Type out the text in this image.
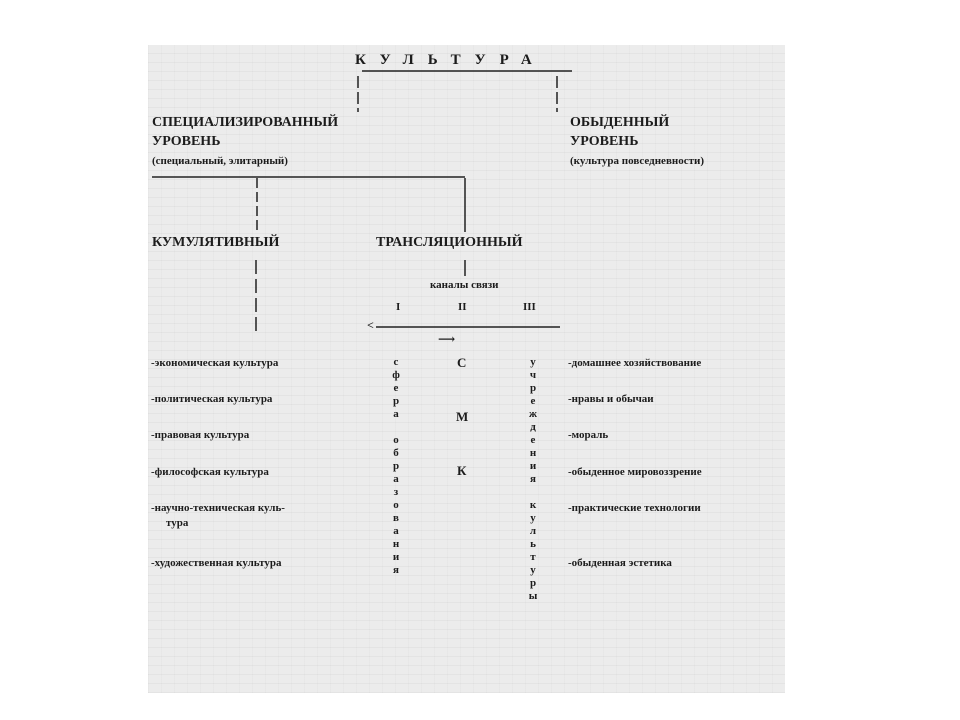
КУЛЬТУРА
СПЕЦИАЛИЗИРОВАННЫЙ
УРОВЕНЬ
(специальный, элитарный)
ОБЫДЕННЫЙ
УРОВЕНЬ
(культура повседневности)
КУМУЛЯТИВНЫЙ	ТРАНСЛЯЦИОННЫЙ
каналы связи
I	II	III
<
⟶
-экономическая культура
-политическая культура
-правовая культура
-философская культура
-научно-техническая куль-
тура
-художественная культура
С
М
К
с
ф
е
р
а

о
б
р
а
з
о
в
а
н
и
я
у
ч
р
е
ж
д
е
н
и
я

к
у
л
ь
т
у
р
ы
-домашнее хозяйствование
-нравы и обычаи
-мораль
-обыденное мировоззрение
-практические технологии
-обыденная эстетика
